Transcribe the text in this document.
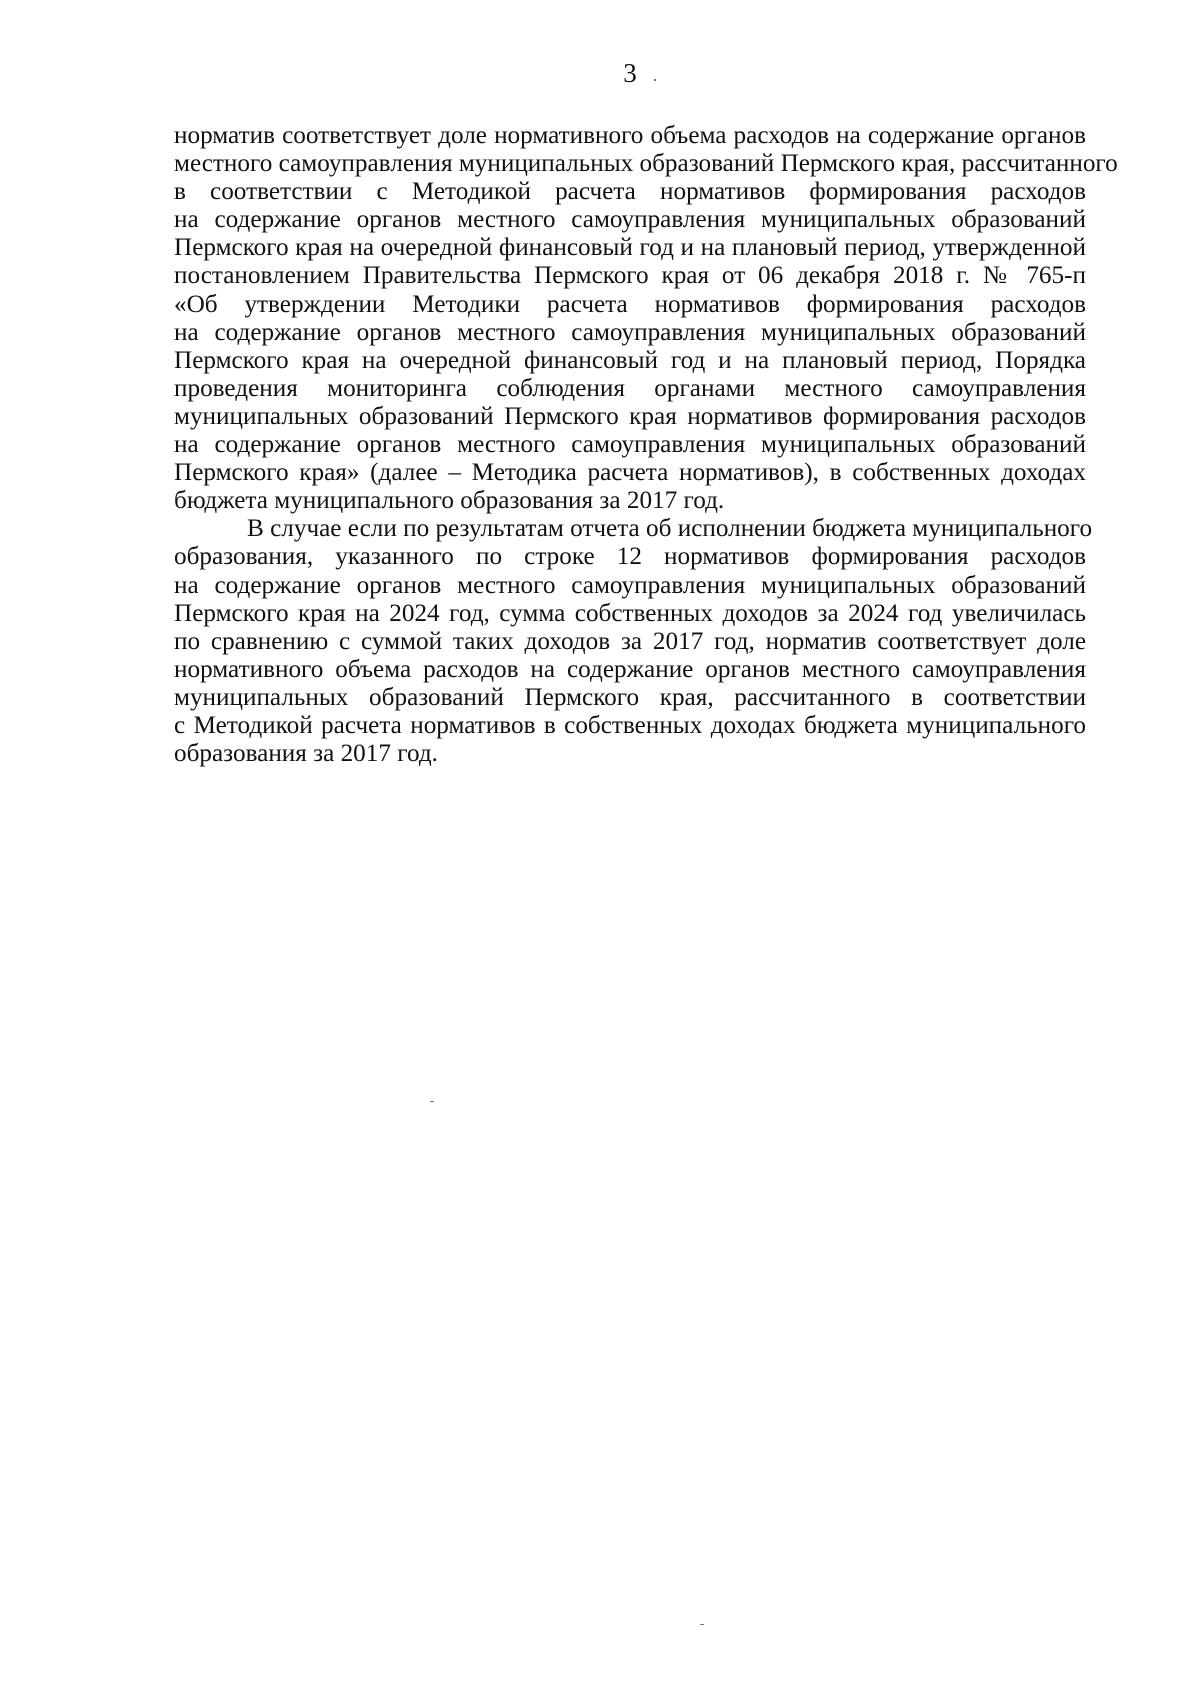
3
норматив соответствует доле нормативного объема расходов на содержание органов
местного самоуправления муниципальных образований Пермского края, рассчитанного
в соответствии с Методикой расчета нормативов формирования расходов
на содержание органов местного самоуправления муниципальных образований
Пермского края на очередной финансовый год и на плановый период, утвержденной
постановлением Правительства Пермского края от 06 декабря 2018 г. № 765-п
«Об утверждении Методики расчета нормативов формирования расходов
на содержание органов местного самоуправления муниципальных образований
Пермского края на очередной финансовый год и на плановый период, Порядка
проведения мониторинга соблюдения органами местного самоуправления
муниципальных образований Пермского края нормативов формирования расходов
на содержание органов местного самоуправления муниципальных образований
Пермского края» (далее – Методика расчета нормативов), в собственных доходах
бюджета муниципального образования за 2017 год.
В случае если по результатам отчета об исполнении бюджета муниципального
образования, указанного по строке 12 нормативов формирования расходов
на содержание органов местного самоуправления муниципальных образований
Пермского края на 2024 год, сумма собственных доходов за 2024 год увеличилась
по сравнению с суммой таких доходов за 2017 год, норматив соответствует доле
нормативного объема расходов на содержание органов местного самоуправления
муниципальных образований Пермского края, рассчитанного в соответствии
с Методикой расчета нормативов в собственных доходах бюджета муниципального
образования за 2017 год.
